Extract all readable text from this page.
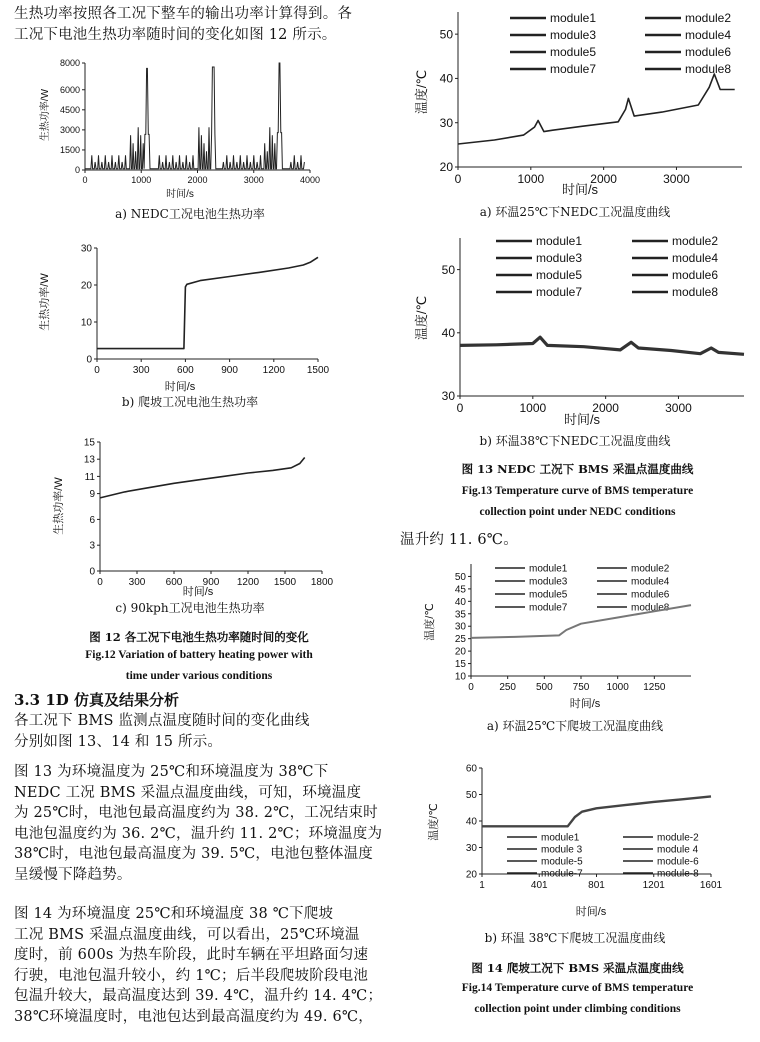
生热功率按照各工况下整车的输出功率计算得到。各
工况下电池生热功率随时间的变化如图 12 所示。
0	1000	2000	3000	4000
0
1500
3000
4500
6000
8000
时间/s
生热功率/W
a) NEDC工况电池生热功率
0	300	600	900 1200 1500
0
10
20
30
时间/s
生热功率/W
b) 爬坡工况电池生热功率
0	300 600 900 1200 1500 1800
0
3
6
9
11
13
15
时间/s
生热功率/W
c) 90kph工况电池生热功率
图 12 各工况下电池生热功率随时间的变化
Fig.12 Variation of battery heating power with
time under various conditions
3.3 1D 仿真及结果分析
各工况下 BMS 监测点温度随时间的变化曲线
分别如图 13、14 和 15 所示。
图 13 为环境温度为 25℃和环境温度为 38℃下
NEDC 工况 BMS 采温点温度曲线，可知，环境温度
为 25℃时，电池包最高温度约为 38. 2℃，工况结束时
电池包温度约为 36. 2℃，温升约 11. 2℃；环境温度为
38℃时，电池包最高温度为 39. 5℃，电池包整体温度
呈缓慢下降趋势。
图 14 为环境温度 25℃和环境温度 38 ℃下爬坡
工况 BMS 采温点温度曲线，可以看出，25℃环境温
度时，前 600s 为热车阶段，此时车辆在平坦路面匀速
行驶，电池包温升较小，约 1℃；后半段爬坡阶段电池
包温升较大，最高温度达到 39. 4℃，温升约 14. 4℃；
38℃环境温度时，电池包达到最高温度约为 49. 6℃，
0	1000	2000	3000
20
30
40
50
时间/s
温度/℃
module1	module2
module3	module4
module5	module6
module7	module8
a) 环温25℃下NEDC工况温度曲线
0	1000	2000	3000
30
40
50
时间/s
温度/℃
module1	module2
module3	module4
module5	module6
module7	module8
b) 环温38℃下NEDC工况温度曲线
图 13 NEDC 工况下 BMS 采温点温度曲线
Fig.13 Temperature curve of BMS temperature
collection point under NEDC conditions
温升约 11. 6℃。
0	250 500 750 1000 1250
10
15
20
25
30
35
40
45
50
时间/s
温度/℃
module1	module2
module3	module4
module5	module6
module7	module8
a) 环温25℃下爬坡工况温度曲线
1	401	801	1201	1601
20
30
40
50
60
时间/s
温度/℃	module1	module-2
module 3	module 4
module-5	module-6
module-7	module-8
b) 环温 38℃下爬坡工况温度曲线
图 14 爬坡工况下 BMS 采温点温度曲线
Fig.14 Temperature curve of BMS temperature
collection point under climbing conditions
